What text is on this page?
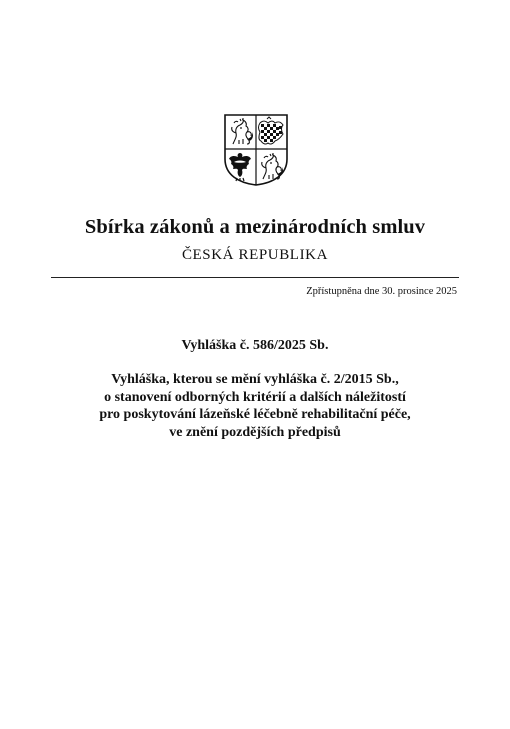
Sbírka zákonů a mezinárodních smluv
ČESKÁ REPUBLIKA
Zpřístupněna dne 30. prosince 2025
Vyhláška č. 586/2025 Sb.
Vyhláška, kterou se mění vyhláška č. 2/2015 Sb.,
o stanovení odborných kritérií a dalších náležitostí
pro poskytování lázeňské léčebně rehabilitační péče,
ve znění pozdějších předpisů
